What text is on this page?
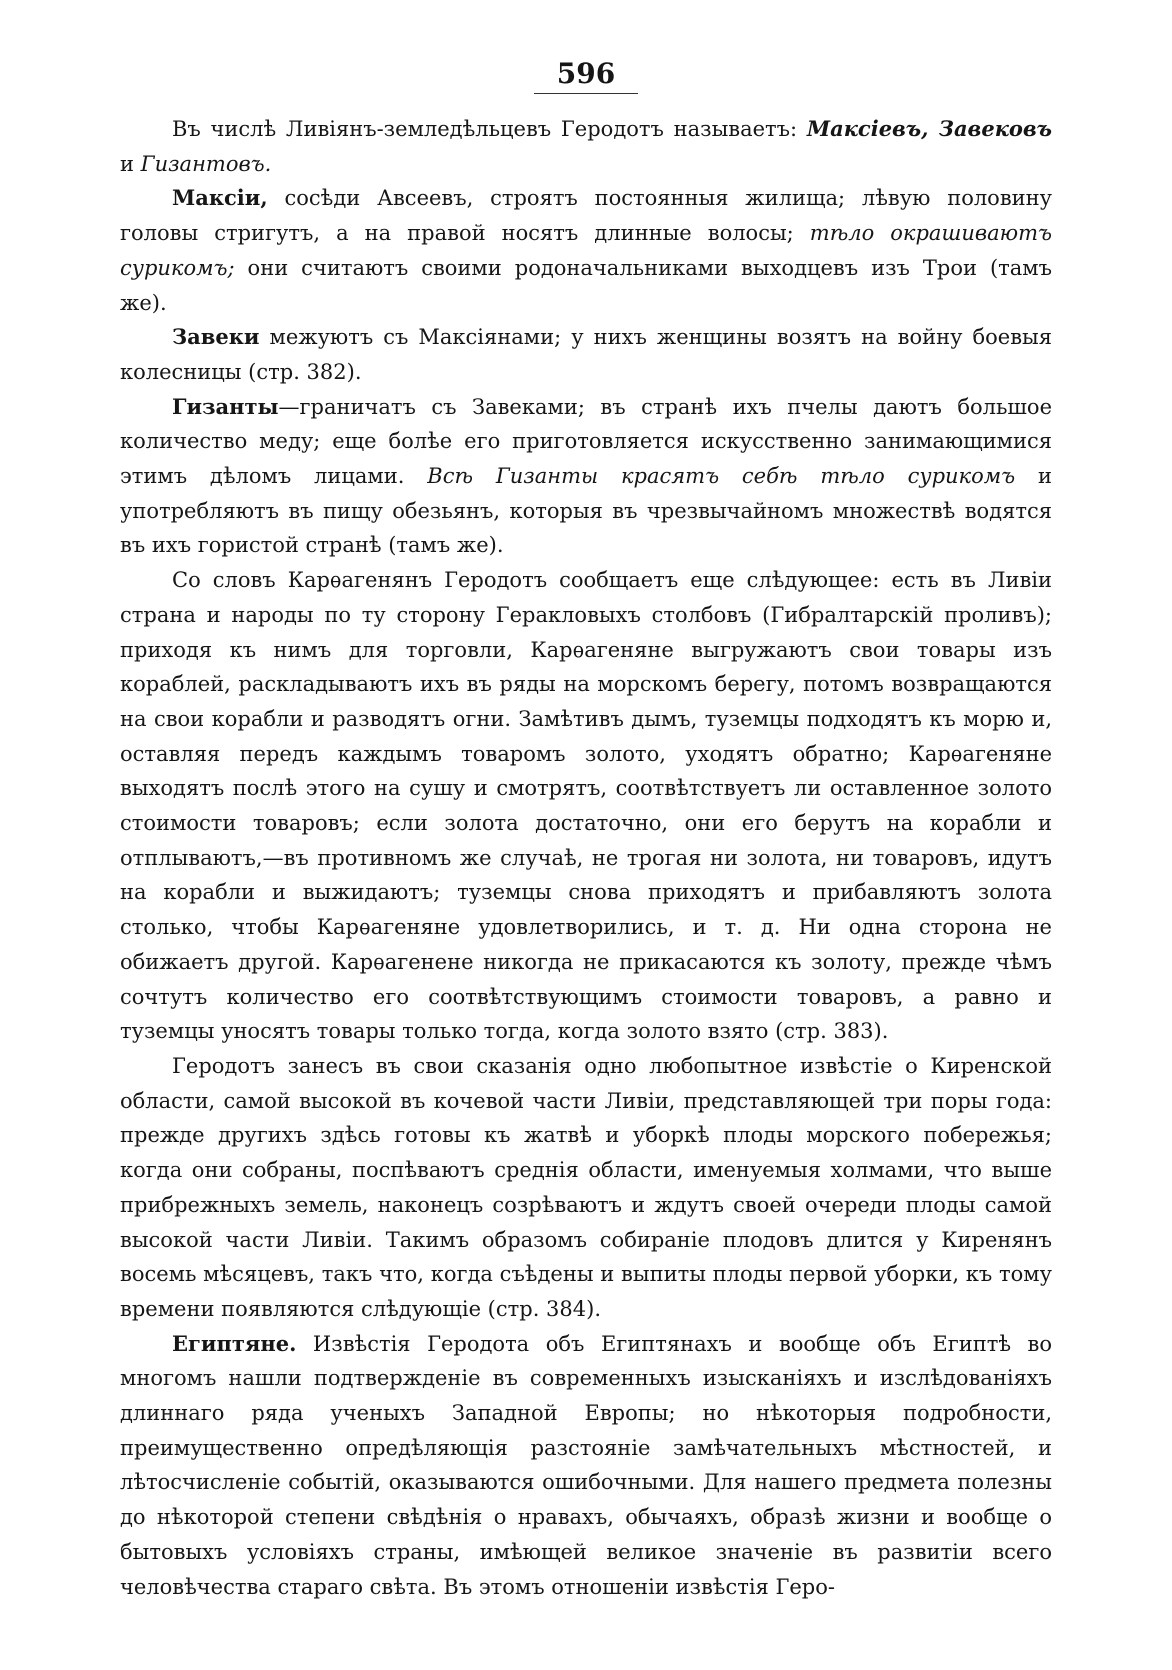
596

Въ числѣ Ливіянъ-земледѣльцевъ Геродотъ называетъ: Максіевъ, Завековъ и Гизантовъ.

Максіи, сосѣди Авсеевъ, строятъ постоянныя жилища; лѣвую половину головы стригутъ, а на правой носятъ длинные волосы; тѣло окрашиваютъ сурикомъ; они считаютъ своими родоначальниками выходцевъ изъ Трои (тамъ же).

Завеки межуютъ съ Максіянами; у нихъ женщины возятъ на войну боевыя колесницы (стр. 382).

Гизанты—граничатъ съ Завеками; въ странѣ ихъ пчелы даютъ большое количество меду; еще болѣе его приготовляется искусственно занимающимися этимъ дѣломъ лицами. Всѣ Гизанты красятъ себѣ тѣло сурикомъ и употребляютъ въ пищу обезьянъ, которыя въ чрезвычайномъ множествѣ водятся въ ихъ гористой странѣ (тамъ же).

Со словъ Карѳагенянъ Геродотъ сообщаетъ еще слѣдующее: есть въ Ливіи страна и народы по ту сторону Геракловыхъ столбовъ (Гибралтарскій проливъ); приходя къ нимъ для торговли, Карѳагеняне выгружаютъ свои товары изъ кораблей, раскладываютъ ихъ въ ряды на морскомъ берегу, потомъ возвращаются на свои корабли и разводятъ огни. Замѣтивъ дымъ, туземцы подходятъ къ морю и, оставляя передъ каждымъ товаромъ золото, уходятъ обратно; Карѳагеняне выходятъ послѣ этого на сушу и смотрятъ, соотвѣтствуетъ ли оставленное золото стоимости товаровъ; если золота достаточно, они его берутъ на корабли и отплываютъ,—въ противномъ же случаѣ, не трогая ни золота, ни товаровъ, идутъ на корабли и выжидаютъ; туземцы снова приходятъ и прибавляютъ золота столько, чтобы Карѳагеняне удовлетворились, и т. д. Ни одна сторона не обижаетъ другой. Карѳагенене никогда не прикасаются къ золоту, прежде чѣмъ сочтутъ количество его соотвѣтствующимъ стоимости товаровъ, а равно и туземцы уносятъ товары только тогда, когда золото взято (стр. 383).

Геродотъ занесъ въ свои сказанія одно любопытное извѣстіе о Киренской области, самой высокой въ кочевой части Ливіи, представляющей три поры года: прежде другихъ здѣсь готовы къ жатвѣ и уборкѣ плоды морского побережья; когда они собраны, поспѣваютъ среднія области, именуемыя холмами, что выше прибрежныхъ земель, наконецъ созрѣваютъ и ждутъ своей очереди плоды самой высокой части Ливіи. Такимъ образомъ собираніе плодовъ длится у Киренянъ восемь мѣсяцевъ, такъ что, когда съѣдены и выпиты плоды первой уборки, къ тому времени появляются слѣдующіе (стр. 384).

Египтяне. Извѣстія Геродота объ Египтянахъ и вообще объ Египтѣ во многомъ нашли подтвержденіе въ современныхъ изысканіяхъ и изслѣдованіяхъ длиннаго ряда ученыхъ Западной Европы; но нѣкоторыя подробности, преимущественно опредѣляющія разстояніе замѣчательныхъ мѣстностей, и лѣтосчисленіе событій, оказываются ошибочными. Для нашего предмета полезны до нѣкоторой степени свѣдѣнія о нравахъ, обычаяхъ, образѣ жизни и вообще о бытовыхъ условіяхъ страны, имѣющей великое значеніе въ развитіи всего человѣчества стараго свѣта. Въ этомъ отношеніи извѣстія Геро-
